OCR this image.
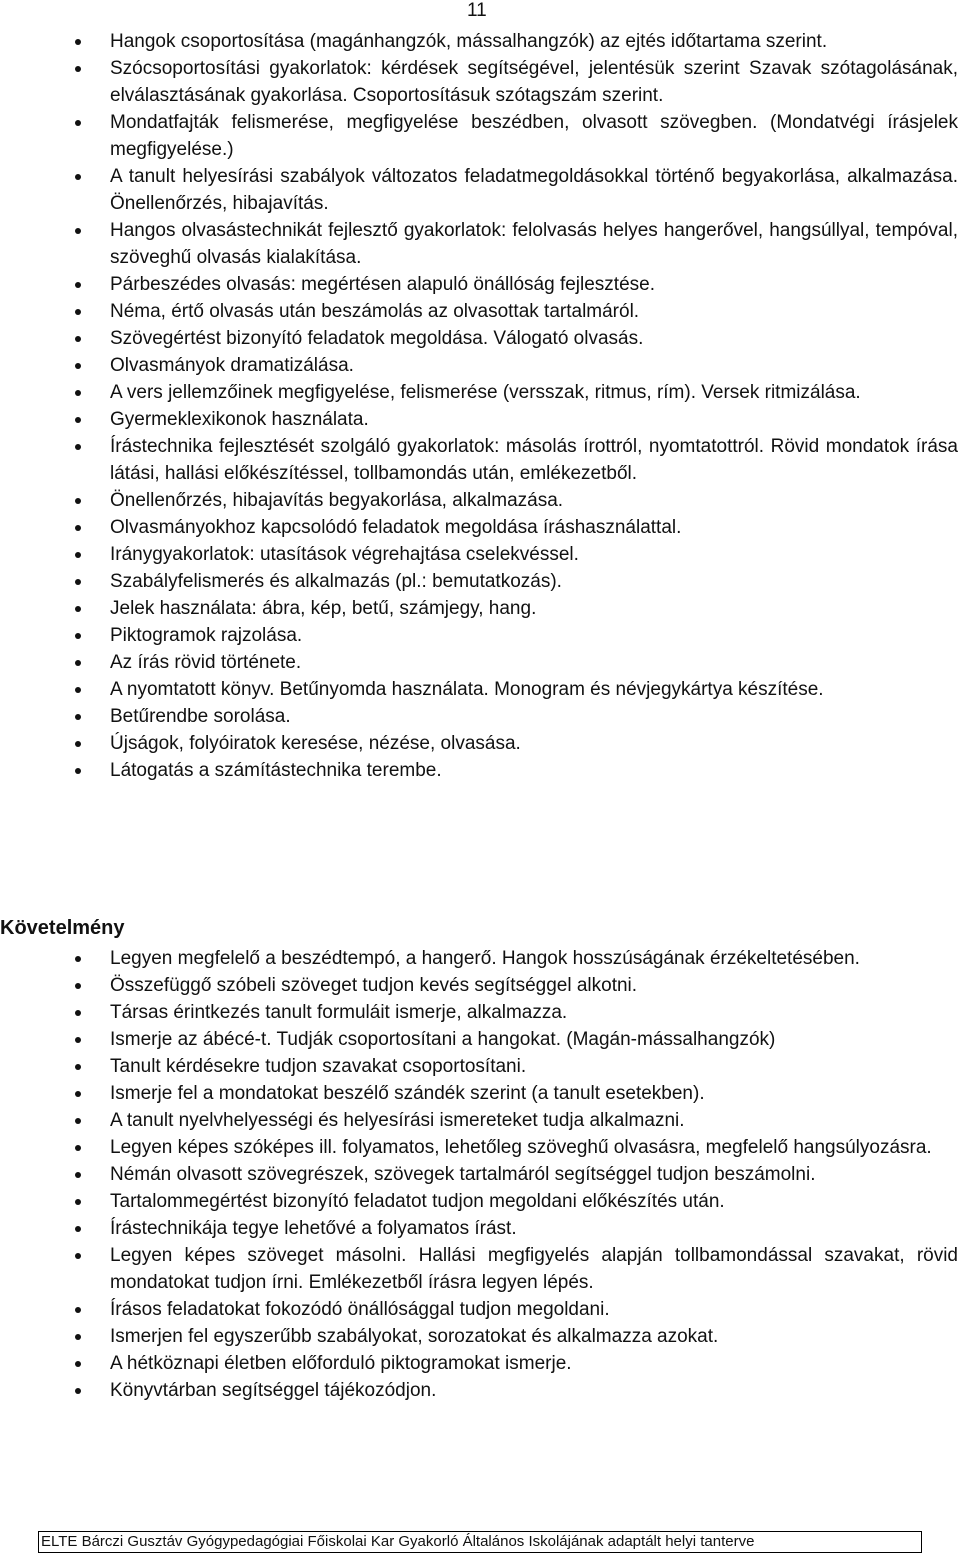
11
Hangok csoportosítása (magánhangzók, mássalhangzók) az ejtés időtartama szerint.
Szócsoportosítási gyakorlatok: kérdések segítségével, jelentésük szerint Szavak szótagolásának, elválasztásának gyakorlása. Csoportosításuk szótagszám szerint.
Mondatfajták felismerése, megfigyelése beszédben, olvasott szövegben. (Mondatvégi írásjelek megfigyelése.)
A tanult helyesírási szabályok változatos feladatmegoldásokkal történő begyakorlása, alkalmazása. Önellenőrzés, hibajavítás.
Hangos olvasástechnikát fejlesztő gyakorlatok: felolvasás helyes hangerővel, hangsúllyal, tempóval, szöveghű olvasás kialakítása.
Párbeszédes olvasás: megértésen alapuló önállóság fejlesztése.
Néma, értő olvasás után beszámolás az olvasottak tartalmáról.
Szövegértést bizonyító feladatok megoldása. Válogató olvasás.
Olvasmányok dramatizálása.
A vers jellemzőinek megfigyelése, felismerése (versszak, ritmus, rím). Versek ritmizálása.
Gyermeklexikonok használata.
Írástechnika fejlesztését szolgáló gyakorlatok: másolás írottról, nyomtatottról. Rövid mondatok írása látási, hallási előkészítéssel, tollbamondás után, emlékezetből.
Önellenőrzés, hibajavítás begyakorlása, alkalmazása.
Olvasmányokhoz kapcsolódó feladatok megoldása íráshasználattal.
Iránygyakorlatok: utasítások végrehajtása cselekvéssel.
Szabályfelismerés és alkalmazás (pl.: bemutatkozás).
Jelek használata: ábra, kép, betű, számjegy, hang.
Piktogramok rajzolása.
Az írás rövid története.
A nyomtatott könyv. Betűnyomda használata. Monogram és névjegykártya készítése.
Betűrendbe sorolása.
Újságok, folyóiratok keresése, nézése, olvasása.
Látogatás a számítástechnika terembe.
Követelmény
Legyen megfelelő a beszédtempó, a hangerő. Hangok hosszúságának érzékeltetésében.
Összefüggő szóbeli szöveget tudjon kevés segítséggel alkotni.
Társas érintkezés tanult formuláit ismerje, alkalmazza.
Ismerje az ábécé-t. Tudják csoportosítani a hangokat. (Magán-mássalhangzók)
Tanult kérdésekre tudjon szavakat csoportosítani.
Ismerje fel a mondatokat beszélő szándék szerint (a tanult esetekben).
A tanult nyelvhelyességi és helyesírási ismereteket tudja alkalmazni.
Legyen képes szóképes ill. folyamatos, lehetőleg szöveghű olvasásra, megfelelő hangsúlyozásra.
Némán olvasott szövegrészek, szövegek tartalmáról segítséggel tudjon beszámolni.
Tartalommegértést bizonyító feladatot tudjon megoldani előkészítés után.
Írástechnikája tegye lehetővé a folyamatos írást.
Legyen képes szöveget másolni. Hallási megfigyelés alapján tollbamondással szavakat, rövid mondatokat tudjon írni. Emlékezetből írásra legyen lépés.
Írásos feladatokat fokozódó önállósággal tudjon megoldani.
Ismerjen fel egyszerűbb szabályokat, sorozatokat és alkalmazza azokat.
A hétköznapi életben előforduló piktogramokat ismerje.
Könyvtárban segítséggel tájékozódjon.
ELTE Bárczi Gusztáv Gyógypedagógiai Főiskolai Kar Gyakorló Általános Iskolájának adaptált helyi tanterve
